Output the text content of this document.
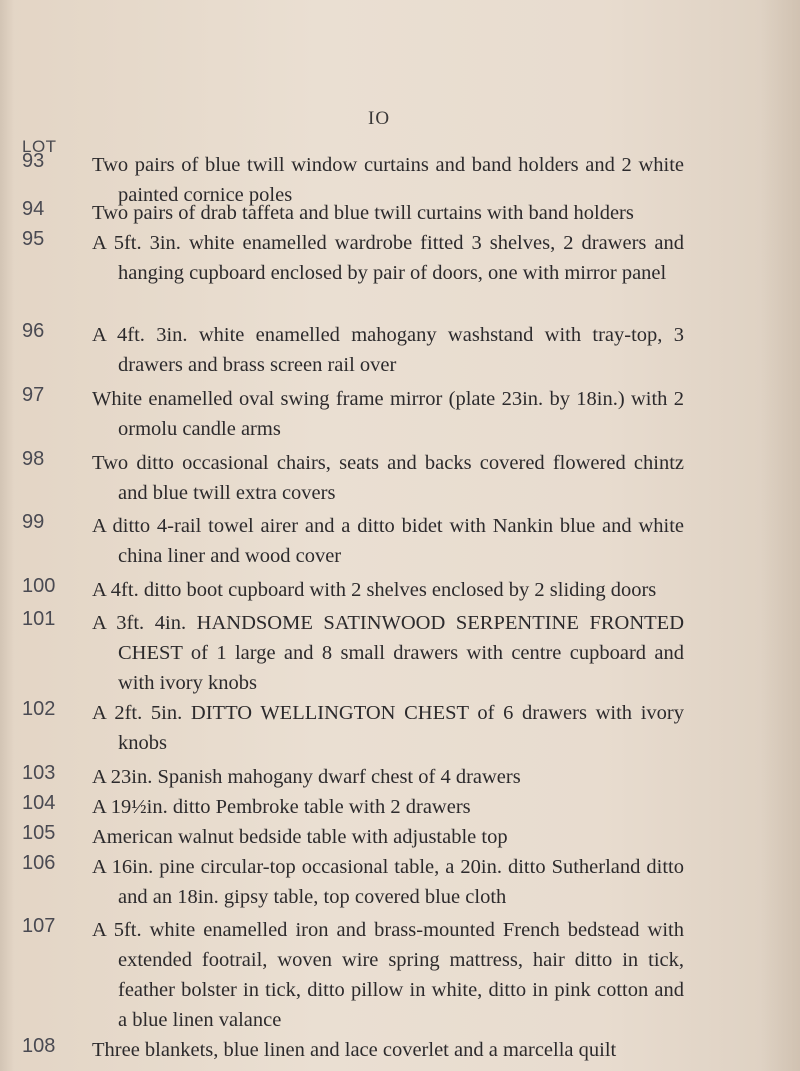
IO
LOT
93	Two pairs of blue twill window curtains and band holders and 2 white painted cornice poles
94	Two pairs of drab taffeta and blue twill curtains with band holders
95	A 5ft. 3in. white enamelled wardrobe fitted 3 shelves, 2 drawers and hanging cupboard enclosed by pair of doors, one with mirror panel
96	A 4ft. 3in. white enamelled mahogany washstand with tray-top, 3 drawers and brass screen rail over
97	White enamelled oval swing frame mirror (plate 23in. by 18in.) with 2 ormolu candle arms
98	Two ditto occasional chairs, seats and backs covered flowered chintz and blue twill extra covers
99	A ditto 4-rail towel airer and a ditto bidet with Nankin blue and white china liner and wood cover
100	A 4ft. ditto boot cupboard with 2 shelves enclosed by 2 sliding doors
101	A 3ft. 4in. HANDSOME SATINWOOD SERPENTINE FRONTED CHEST of 1 large and 8 small drawers with centre cupboard and with ivory knobs
102	A 2ft. 5in. DITTO WELLINGTON CHEST of 6 drawers with ivory knobs
103	A 23in. Spanish mahogany dwarf chest of 4 drawers
104	A 19½in. ditto Pembroke table with 2 drawers
105	American walnut bedside table with adjustable top
106	A 16in. pine circular-top occasional table, a 20in. ditto Sutherland ditto and an 18in. gipsy table, top covered blue cloth
107	A 5ft. white enamelled iron and brass-mounted French bedstead with extended footrail, woven wire spring mattress, hair ditto in tick, feather bolster in tick, ditto pillow in white, ditto in pink cotton and a blue linen valance
108	Three blankets, blue linen and lace coverlet and a marcella quilt
